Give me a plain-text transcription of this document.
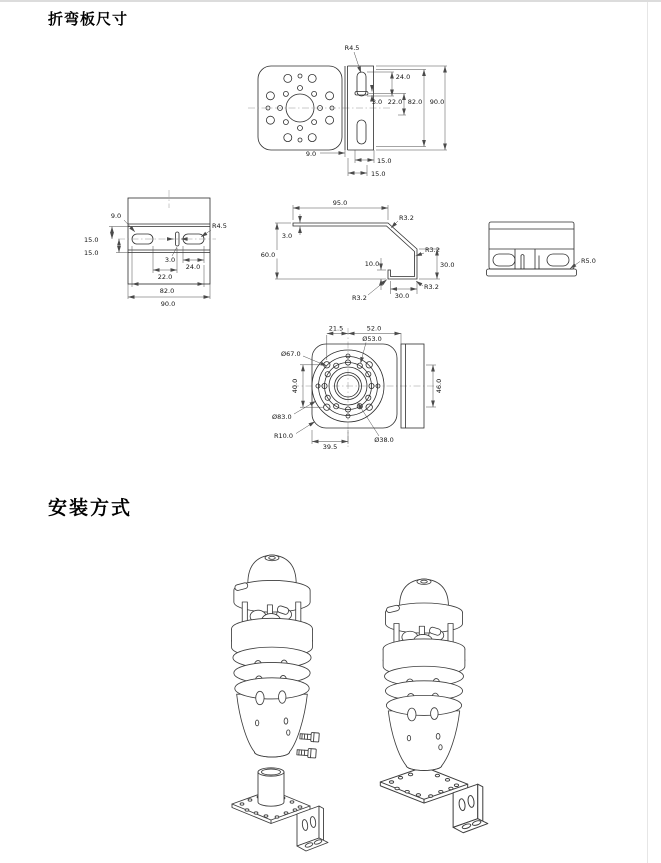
R4.5
24.0
3.0 22.0 82.0 90.0
9.0
15.0
15.0
9.0
R4.5
15.0
15.0
3.0
24.0
22.0
82.0
90.0
95.0
R3.2
3.0
60.0
R3.2
30.0
10.0
30.0
R3.2
R3.2
R5.0
21.5	52.0
Ø53.0
Ø67.0
40.0	46.0
Ø83.0
R10.0
39.5
Ø38.0
折弯板尺寸
安装方式
